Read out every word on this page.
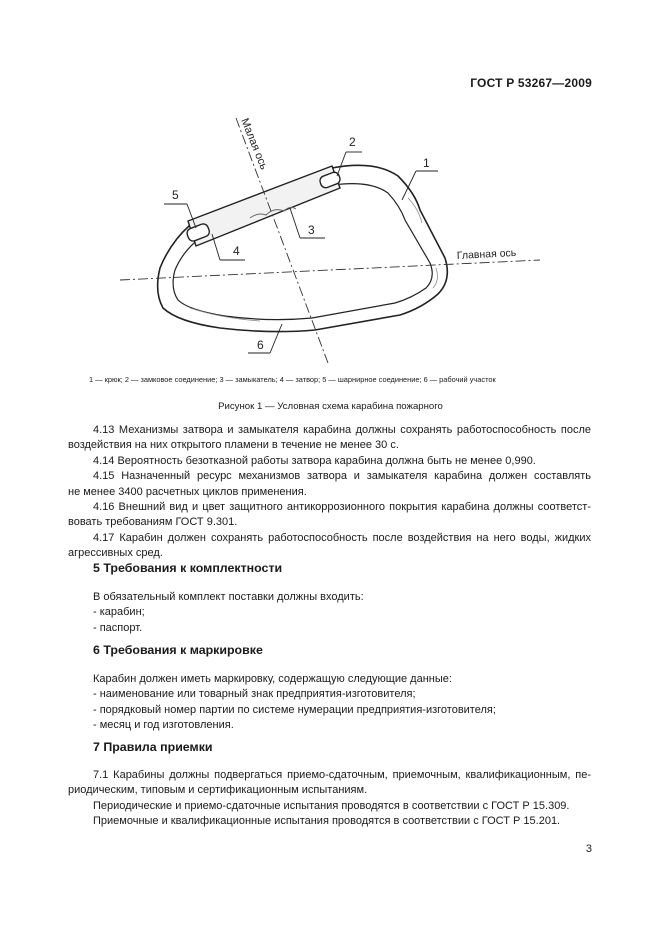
ГОСТ Р 53267—2009
Малая ось
Главная ось
1
2
3
4
5
6
1 — крюк; 2 — замковое соединение; 3 — замыкатель; 4 — затвор; 5 — шарнирное соединение; 6 — рабочий участок
Рисунок 1 — Условная схема карабина пожарного

4.13 Механизмы затвора и замыкателя карабина должны сохранять работоспособность после

воздействия на них открытого пламени в течение не менее 30 с.

4.14 Вероятность безотказной работы затвора карабина должна быть не менее 0,990.

4.15 Назначенный ресурс механизмов затвора и замыкателя карабина должен составлять

не менее 3400 расчетных циклов применения.

4.16 Внешний вид и цвет защитного антикоррозионного покрытия карабина должны соответст-

вовать требованиям ГОСТ 9.301.

4.17 Карабин должен сохранять работоспособность после воздействия на него воды, жидких

агрессивных сред.

5 Требования к комплектности

В обязательный комплект поставки должны входить:

- карабин;

- паспорт.

6 Требования к маркировке

Карабин должен иметь маркировку, содержащую следующие данные:

- наименование или товарный знак предприятия-изготовителя;

- порядковый номер партии по системе нумерации предприятия-изготовителя;

- месяц и год изготовления.

7 Правила приемки

7.1 Карабины должны подвергаться приемо-сдаточным, приемочным, квалификационным, пе-

риодическим, типовым и сертификационным испытаниям.

Периодические и приемо-сдаточные испытания проводятся в соответствии с ГОСТ Р 15.309.

Приемочные и квалификационные испытания проводятся в соответствии с ГОСТ Р 15.201.

3
